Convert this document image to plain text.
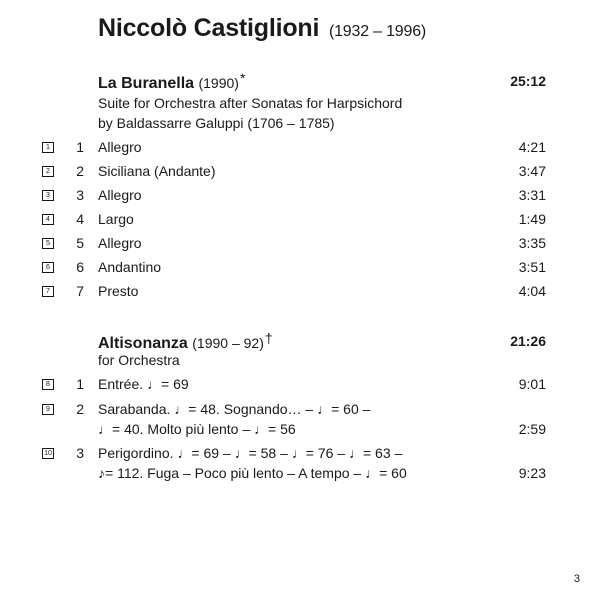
Niccolò Castiglioni (1932 – 1996)
La Buranella (1990)*	25:12
Suite for Orchestra after Sonatas for Harpsichord
by Baldassarre Galuppi (1706 – 1785)
1 1 Allegro	4:21
2 2 Siciliana (Andante)	3:47
3 3 Allegro	3:31
4 4 Largo	1:49
5 5 Allegro	3:35
6 6 Andantino	3:51
7 7 Presto	4:04
Altisonanza (1990 – 92)†	21:26
for Orchestra
8 1 Entrée. ♩= 69	9:01
9 2 Sarabanda. ♩= 48. Sognando… – ♩= 60 –
♩= 40. Molto più lento – ♩= 56	2:59
10 3 Perigordino. ♩= 69 – ♩= 58 – ♩= 76 – ♩= 63 –
♪= 112. Fuga – Poco più lento – A tempo – ♩= 60	9:23
3
